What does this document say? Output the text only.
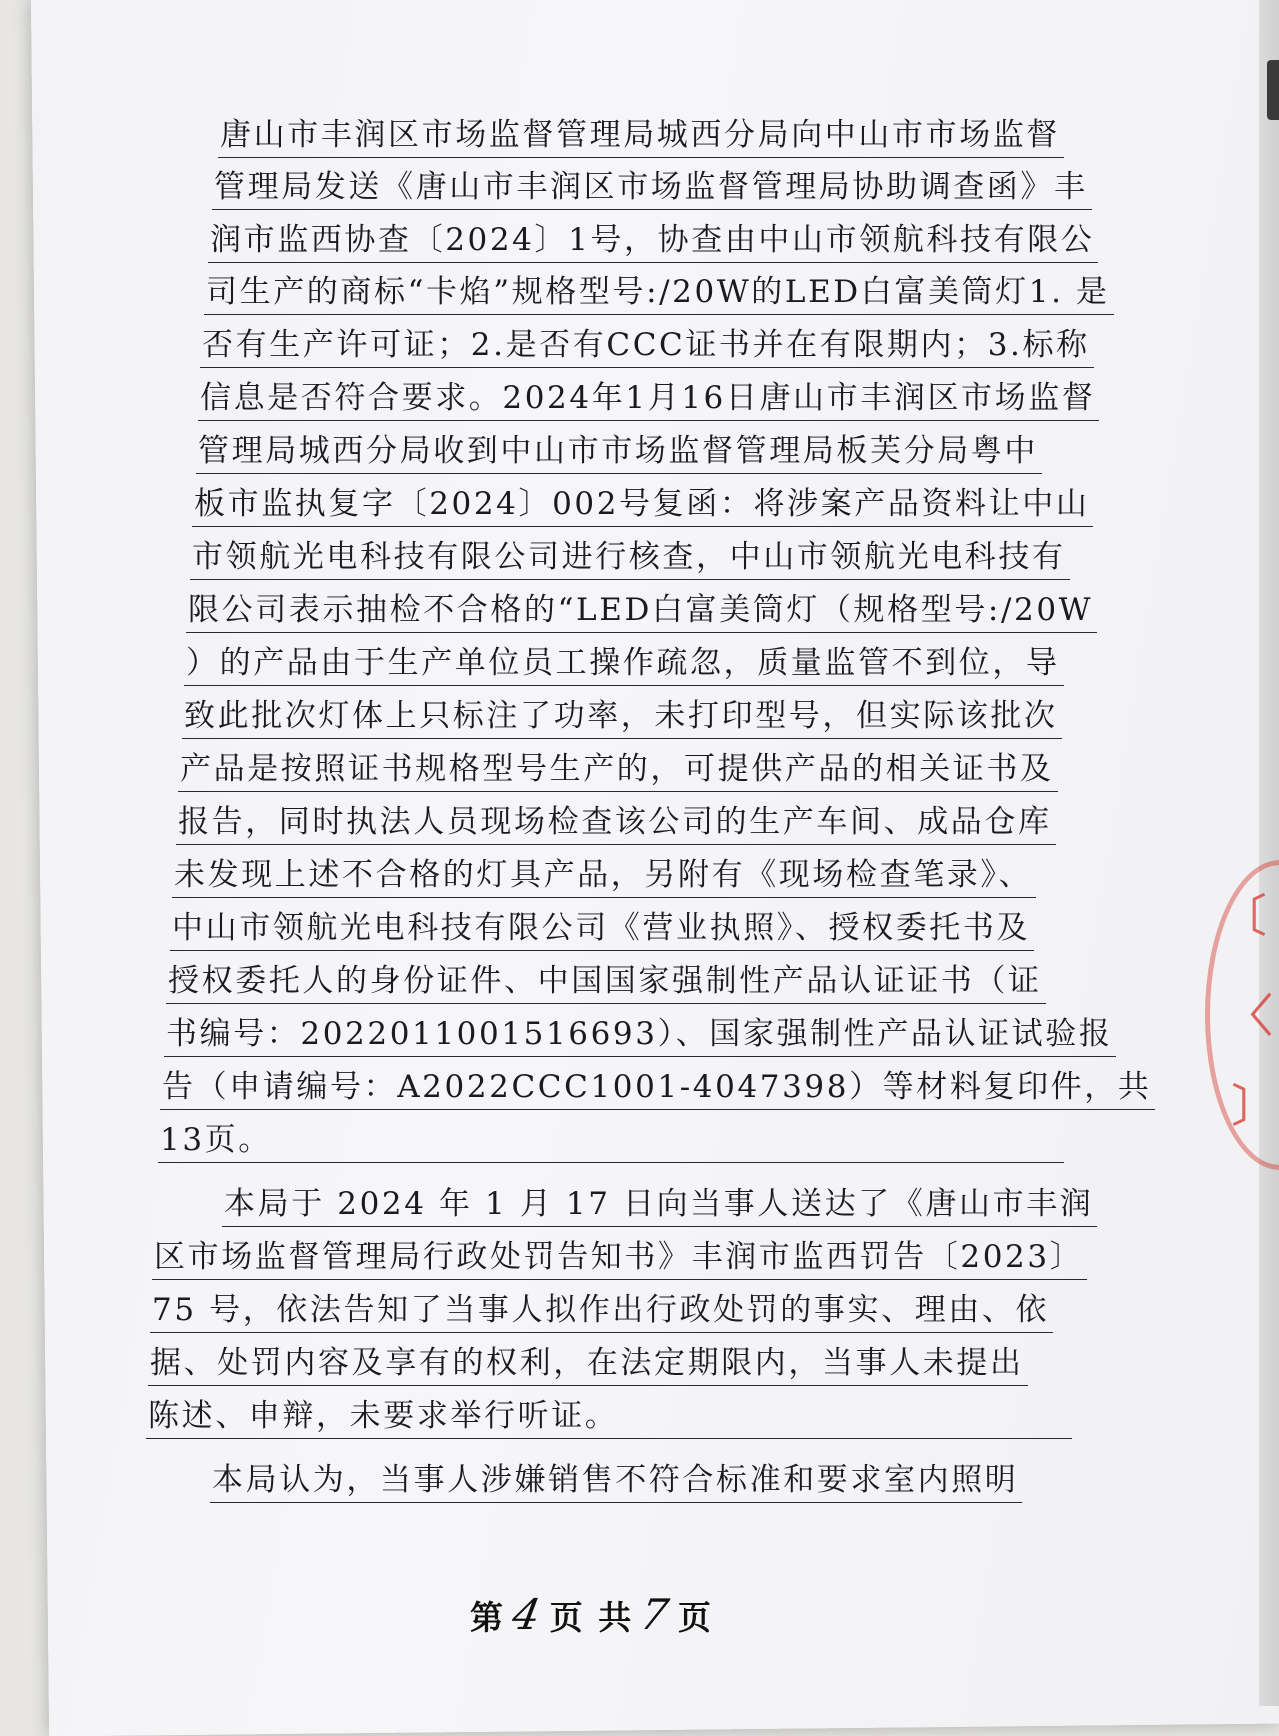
〔
〈
〕
唐山市丰润区市场监督管理局城西分局向中山市市场监督
管理局发送《唐山市丰润区市场监督管理局协助调查函》丰
润市监西协查〔2024〕1号，协查由中山市领航科技有限公
司生产的商标“卡焰”规格型号:/20W的LED白富美筒灯1. 是
否有生产许可证；2.是否有CCC证书并在有限期内；3.标称
信息是否符合要求。2024年1月16日唐山市丰润区市场监督
管理局城西分局收到中山市市场监督管理局板芙分局粤中
板市监执复字〔2024〕002号复函：将涉案产品资料让中山
市领航光电科技有限公司进行核查，中山市领航光电科技有
限公司表示抽检不合格的“LED白富美筒灯（规格型号:/20W
）的产品由于生产单位员工操作疏忽，质量监管不到位，导
致此批次灯体上只标注了功率，未打印型号，但实际该批次
产品是按照证书规格型号生产的，可提供产品的相关证书及
报告，同时执法人员现场检查该公司的生产车间、成品仓库
未发现上述不合格的灯具产品，另附有《现场检查笔录》、
中山市领航光电科技有限公司《营业执照》、授权委托书及
授权委托人的身份证件、中国国家强制性产品认证证书（证
书编号：2022011001516693）、国家强制性产品认证试验报
告（申请编号：A2022CCC1001-4047398）等材料复印件，共
13页。
本局于 2024 年 1 月 17 日向当事人送达了《唐山市丰润
区市场监督管理局行政处罚告知书》丰润市监西罚告〔2023〕
75 号，依法告知了当事人拟作出行政处罚的事实、理由、依
据、处罚内容及享有的权利，在法定期限内，当事人未提出
陈述、申辩，未要求举行听证。
本局认为，当事人涉嫌销售不符合标准和要求室内照明
第 4 页 共 7 页
